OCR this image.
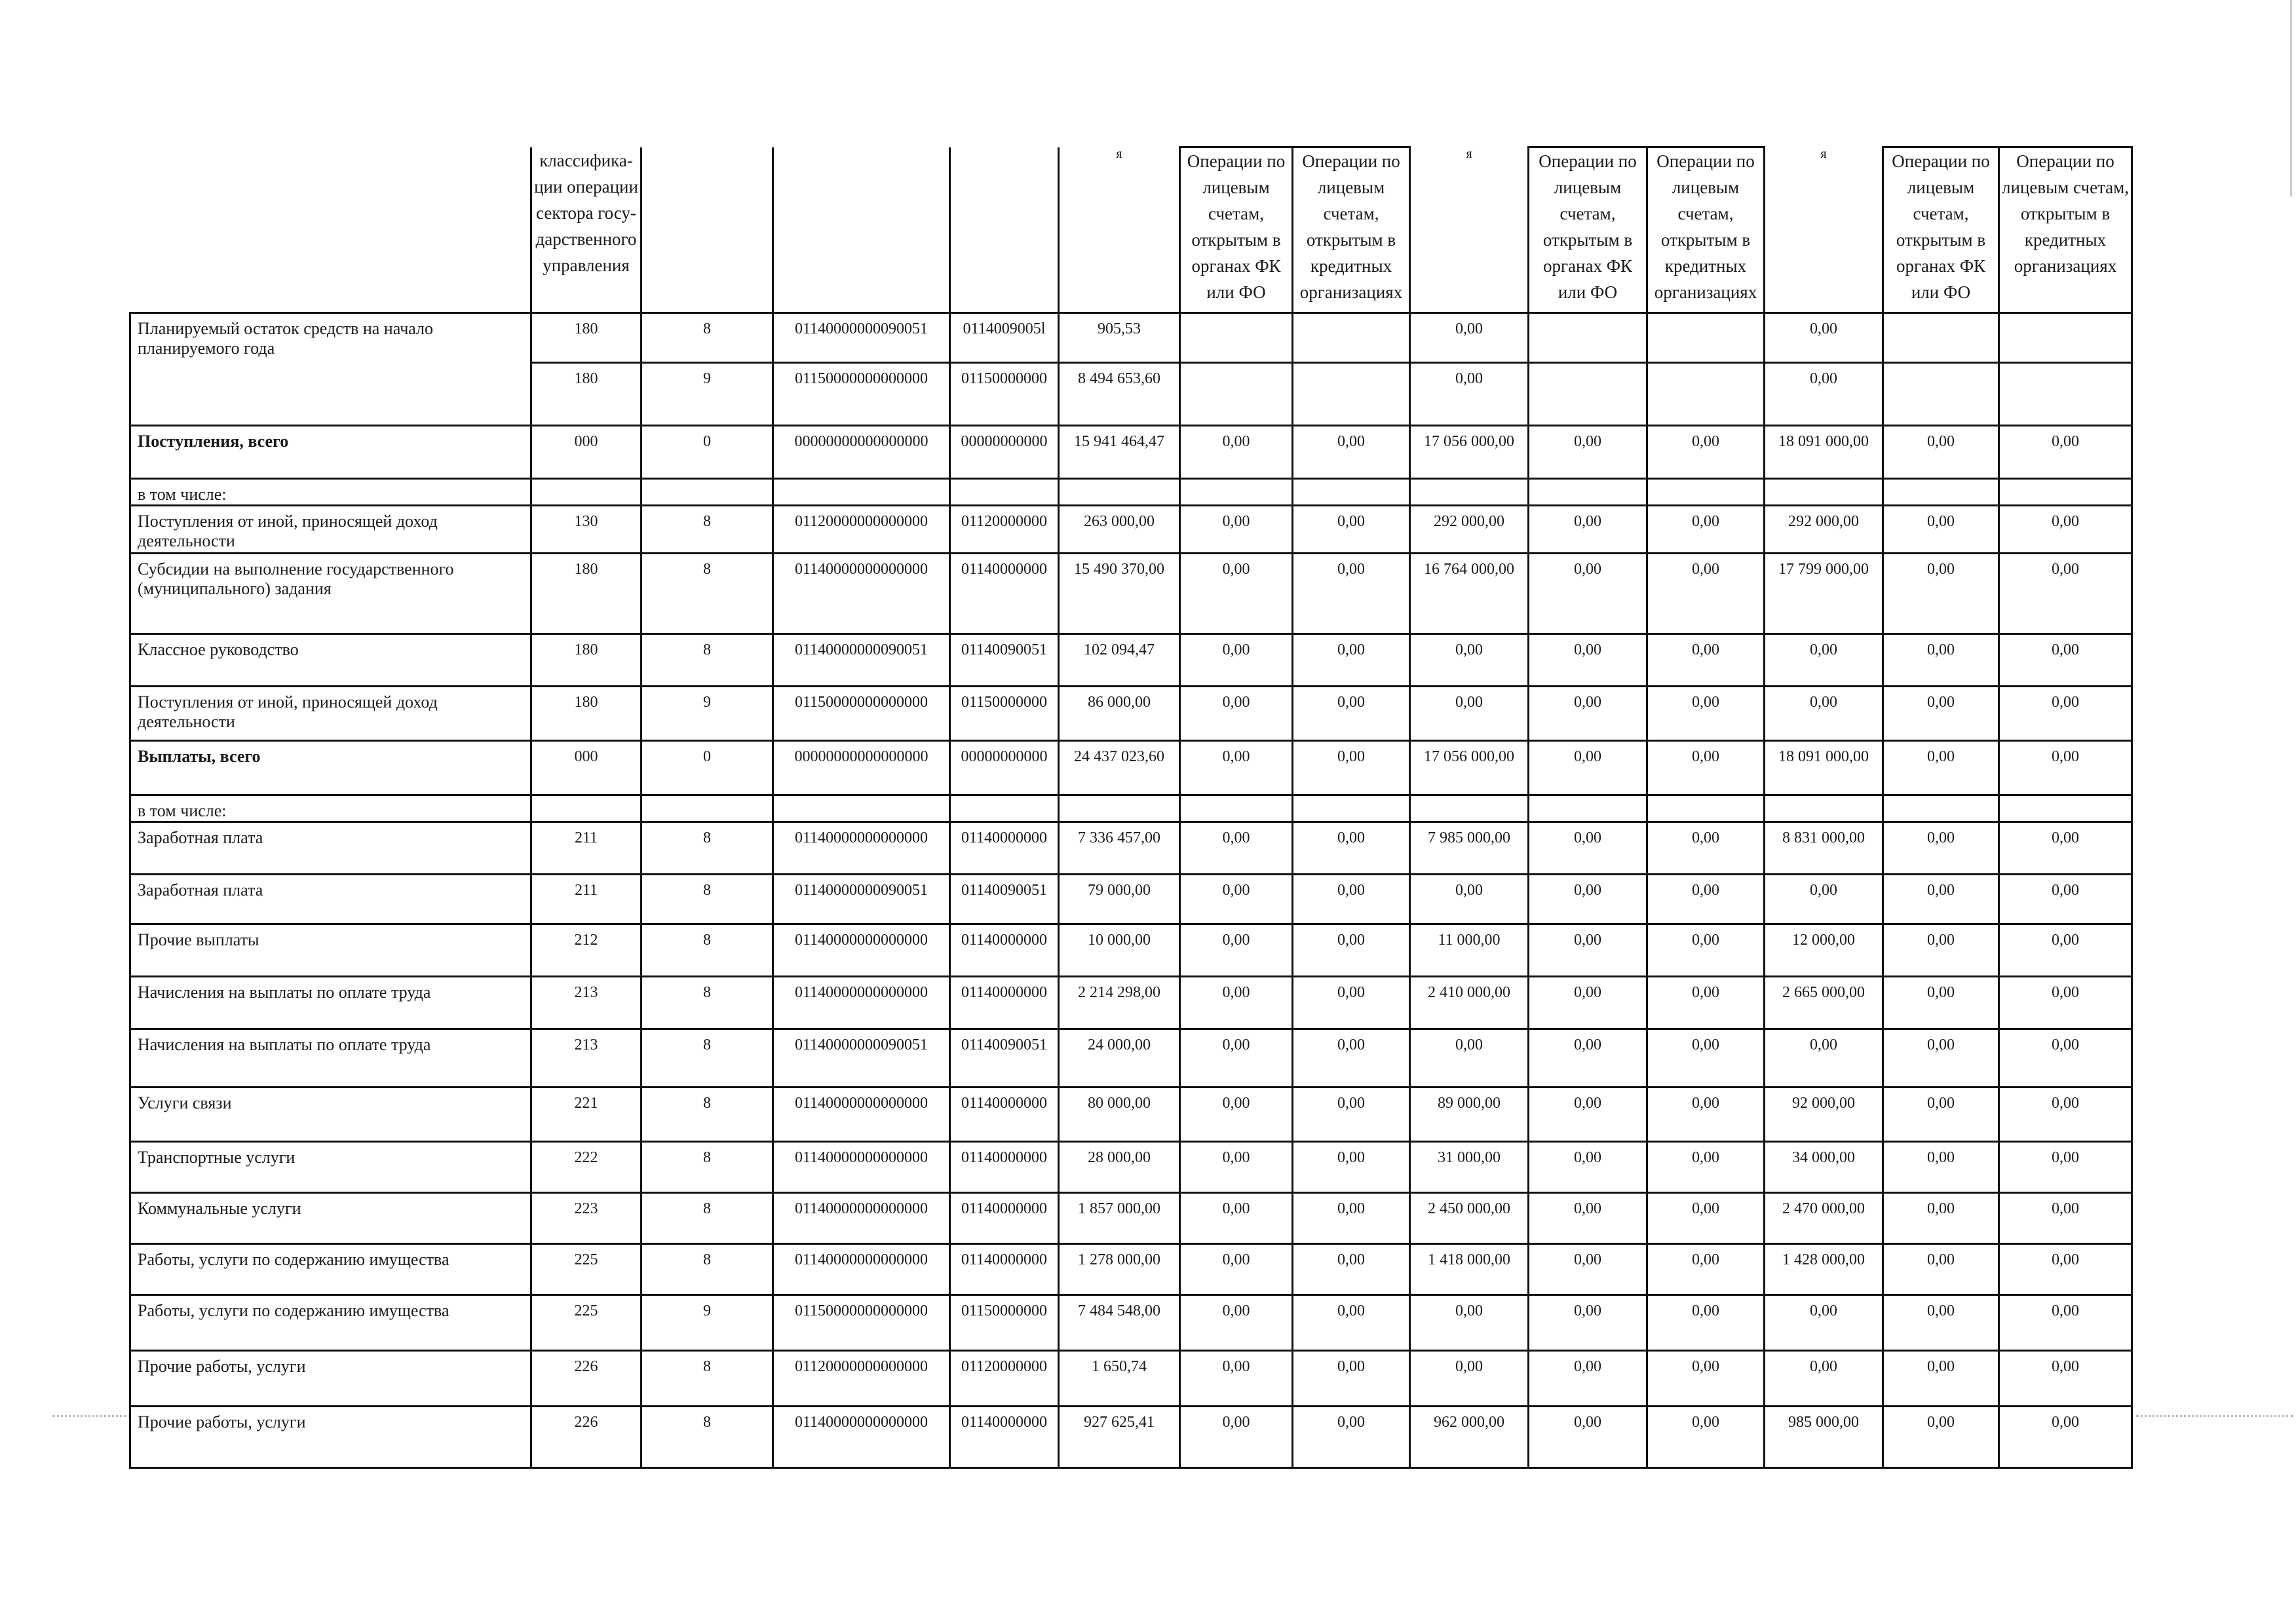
	классифика-ции операции сектора госу-дарственного управления				я	Операции по лицевым счетам, открытым в органах ФК или ФО	Операции по лицевым счетам, открытым в кредитных организациях	я	Операции по лицевым счетам, открытым в органах ФК или ФО	Операции по лицевым счетам, открытым в кредитных организациях	я	Операции по лицевым счетам, открытым в органах ФК или ФО	Операции по лицевым счетам, открытым в кредитных организациях
Планируемый остаток средств на начало планируемого года	180	8	01140000000090051	0114009005l	905,53			0,00			0,00		
	180	9	01150000000000000	01150000000	8 494 653,60			0,00			0,00		
Поступления, всего	000	0	00000000000000000	00000000000	15 941 464,47	0,00	0,00	17 056 000,00	0,00	0,00	18 091 000,00	0,00	0,00
в том числе:													
Поступления от иной, приносящей доход деятельности	130	8	01120000000000000	01120000000	263 000,00	0,00	0,00	292 000,00	0,00	0,00	292 000,00	0,00	0,00
Субсидии на выполнение государственного (муниципального) задания	180	8	01140000000000000	01140000000	15 490 370,00	0,00	0,00	16 764 000,00	0,00	0,00	17 799 000,00	0,00	0,00
Классное руководство	180	8	01140000000090051	01140090051	102 094,47	0,00	0,00	0,00	0,00	0,00	0,00	0,00	0,00
Поступления от иной, приносящей доход деятельности	180	9	01150000000000000	01150000000	86 000,00	0,00	0,00	0,00	0,00	0,00	0,00	0,00	0,00
Выплаты, всего	000	0	00000000000000000	00000000000	24 437 023,60	0,00	0,00	17 056 000,00	0,00	0,00	18 091 000,00	0,00	0,00
в том числе:													
Заработная плата	211	8	01140000000000000	01140000000	7 336 457,00	0,00	0,00	7 985 000,00	0,00	0,00	8 831 000,00	0,00	0,00
Заработная плата	211	8	01140000000090051	01140090051	79 000,00	0,00	0,00	0,00	0,00	0,00	0,00	0,00	0,00
Прочие выплаты	212	8	01140000000000000	01140000000	10 000,00	0,00	0,00	11 000,00	0,00	0,00	12 000,00	0,00	0,00
Начисления на выплаты по оплате труда	213	8	01140000000000000	01140000000	2 214 298,00	0,00	0,00	2 410 000,00	0,00	0,00	2 665 000,00	0,00	0,00
Начисления на выплаты по оплате труда	213	8	01140000000090051	01140090051	24 000,00	0,00	0,00	0,00	0,00	0,00	0,00	0,00	0,00
Услуги связи	221	8	01140000000000000	01140000000	80 000,00	0,00	0,00	89 000,00	0,00	0,00	92 000,00	0,00	0,00
Транспортные услуги	222	8	01140000000000000	01140000000	28 000,00	0,00	0,00	31 000,00	0,00	0,00	34 000,00	0,00	0,00
Коммунальные услуги	223	8	01140000000000000	01140000000	1 857 000,00	0,00	0,00	2 450 000,00	0,00	0,00	2 470 000,00	0,00	0,00
Работы, услуги по содержанию имущества	225	8	01140000000000000	01140000000	1 278 000,00	0,00	0,00	1 418 000,00	0,00	0,00	1 428 000,00	0,00	0,00
Работы, услуги по содержанию имущества	225	9	01150000000000000	01150000000	7 484 548,00	0,00	0,00	0,00	0,00	0,00	0,00	0,00	0,00
Прочие работы, услуги	226	8	01120000000000000	01120000000	1 650,74	0,00	0,00	0,00	0,00	0,00	0,00	0,00	0,00
Прочие работы, услуги	226	8	01140000000000000	01140000000	927 625,41	0,00	0,00	962 000,00	0,00	0,00	985 000,00	0,00	0,00
